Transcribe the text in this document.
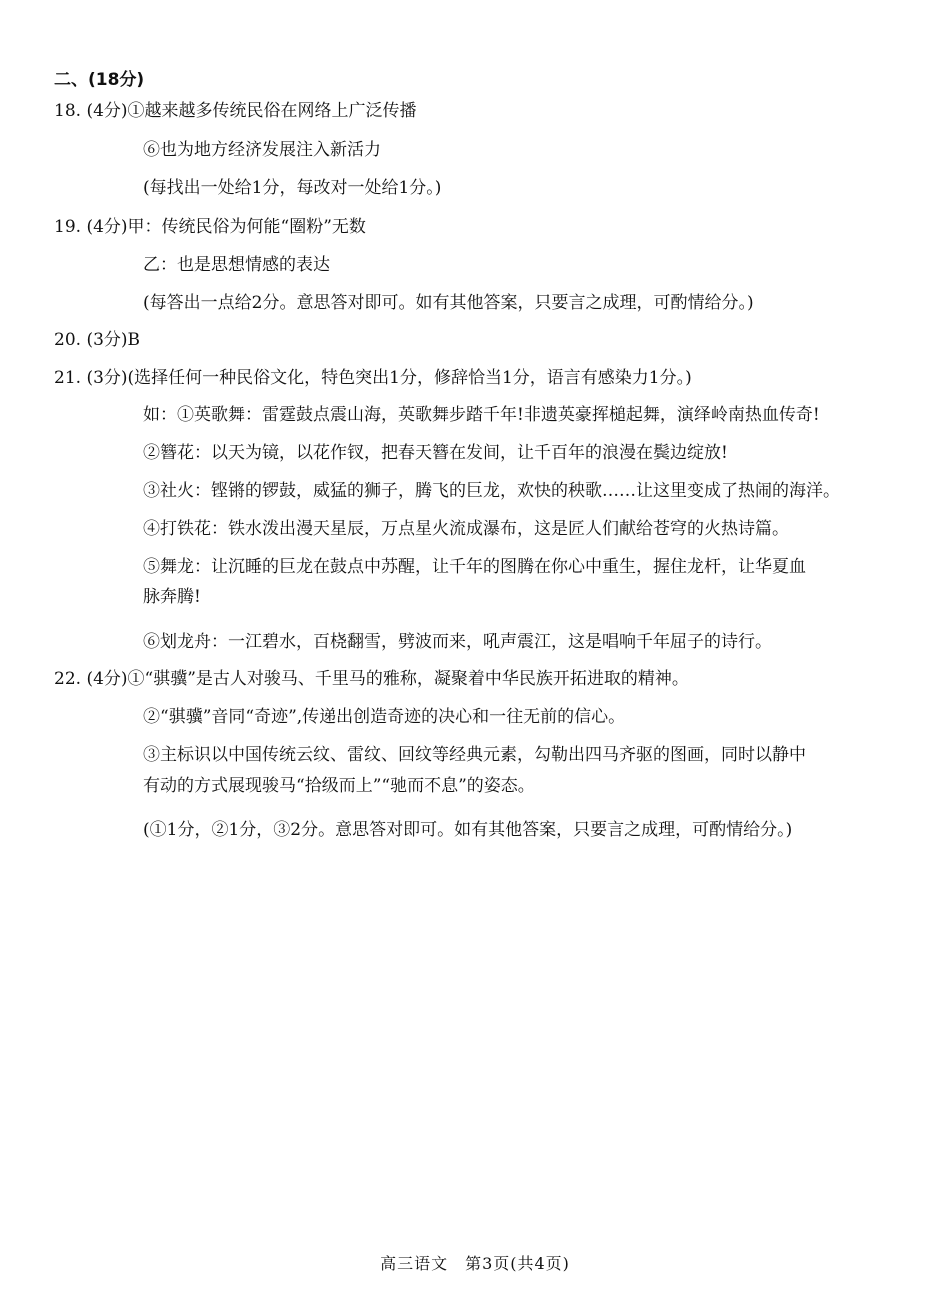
二、(18分)
18. (4分)①越来越多传统民俗在网络上广泛传播
⑥也为地方经济发展注入新活力
(每找出一处给1分，每改对一处给1分。)
19. (4分)甲：传统民俗为何能“圈粉”无数
乙：也是思想情感的表达
(每答出一点给2分。意思答对即可。如有其他答案，只要言之成理，可酌情给分。)
20. (3分)B
21. (3分)(选择任何一种民俗文化，特色突出1分，修辞恰当1分，语言有感染力1分。)
如：①英歌舞：雷霆鼓点震山海，英歌舞步踏千年!非遗英豪挥槌起舞，演绎岭南热血传奇!
②簪花：以天为镜，以花作钗，把春天簪在发间，让千百年的浪漫在鬓边绽放!
③社火：铿锵的锣鼓，威猛的狮子，腾飞的巨龙，欢快的秧歌……让这里变成了热闹的海洋。
④打铁花：铁水泼出漫天星辰，万点星火流成瀑布，这是匠人们献给苍穹的火热诗篇。
⑤舞龙：让沉睡的巨龙在鼓点中苏醒，让千年的图腾在你心中重生，握住龙杆，让华夏血
脉奔腾!
⑥划龙舟：一江碧水，百桡翻雪，劈波而来，吼声震江，这是唱响千年屈子的诗行。
22. (4分)①“骐骥”是古人对骏马、千里马的雅称，凝聚着中华民族开拓进取的精神。
②“骐骥”音同“奇迹”,传递出创造奇迹的决心和一往无前的信心。
③主标识以中国传统云纹、雷纹、回纹等经典元素，勾勒出四马齐驱的图画，同时以静中
有动的方式展现骏马“拾级而上”“驰而不息”的姿态。
(①1分，②1分，③2分。意思答对即可。如有其他答案，只要言之成理，可酌情给分。)
高三语文　第3页(共4页)
